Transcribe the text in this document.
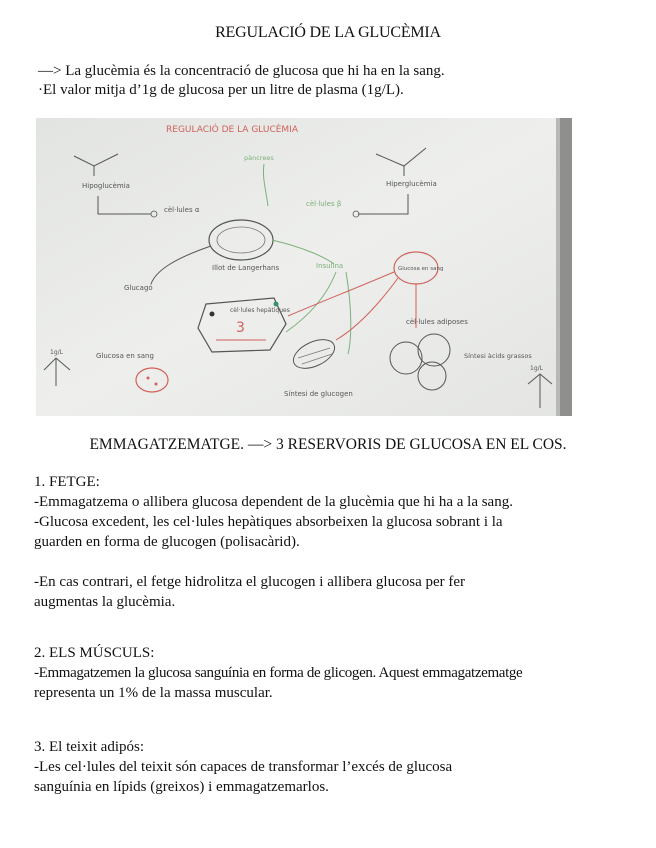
REGULACIÓ DE LA GLUCÈMIA
—> La glucèmia és la concentració de glucosa que hi ha en la sang.
·El valor mitja d’1g de glucosa per un litre de plasma (1g/L).
REGULACIÓ DE LA GLUCÈMIA
Hipoglucèmia
cèl·lules α
Hiperglucèmia
cèl·lules β
pàncrees
Illot de Langerhans
Glucagó
Insulina
cèl·lules hepàtiques
3
Glucosa en sang
Síntesi de glucogen
cèl·lules adiposes
Síntesi àcids grassos
1g/L	Glucosa en sang
1g/L
EMMAGATZEMATGE. —> 3 RESERVORIS DE GLUCOSA EN EL COS.
1. FETGE:
-Emmagatzema o allibera glucosa dependent de la glucèmia que hi ha a la sang.
-Glucosa excedent, les cel·lules hepàtiques absorbeixen la glucosa sobrant i la
guarden en forma de glucogen (polisacàrid).
-En cas contrari, el fetge hidrolitza el glucogen i allibera glucosa per fer
augmentas la glucèmia.
2. ELS MÚSCULS:
-Emmagatzemen la glucosa sanguínia en forma de glicogen. Aquest emmagatzematge
representa un 1% de la massa muscular.
3. El teixit adipós:
-Les cel·lules del teixit són capaces de transformar l’excés de glucosa
sanguínia en lípids (greixos) i emmagatzemarlos.
